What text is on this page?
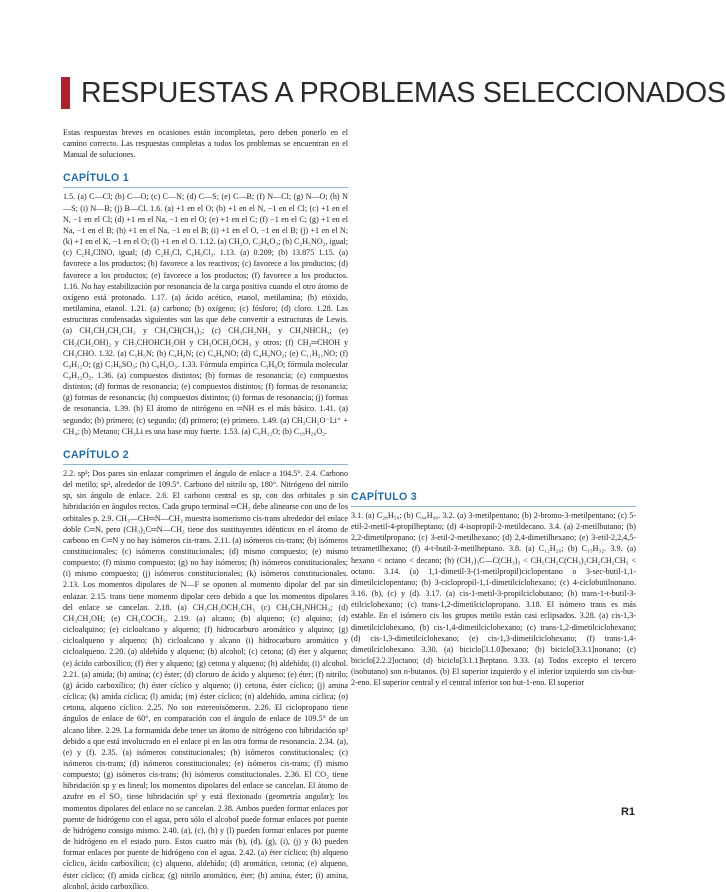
RESPUESTAS A PROBLEMAS SELECCIONADOS

Estas respuestas breves en ocasiones están incompletas, pero deben ponerlo en el camino correcto. Las respuestas completas a todos los problemas se encuentran en el Manual de soluciones.

CAPÍTULO 1

1.5. (a) C—Cl; (b) C—O; (c) C—N; (d) C—S; (e) C—B; (f) N—Cl; (g) N—O; (h) N—S; (i) N—B; (j) B—Cl. 1.6. (a) +1 en el O; (b) +1 en el N, −1 en el Cl; (c) +1 en el N, −1 en el Cl; (d) +1 en el Na, −1 en el O; (e) +1 en el C; (f) −1 en el C; (g) +1 en el Na, −1 en el B; (h) +1 en el Na, −1 en el B; (i) +1 en el O, −1 en el B; (j) +1 en el N; (k) +1 en el K, −1 en el O; (l) +1 en el O. 1.12. (a) CH₂O, C₃H₆O₃; (b) C₂H₅NO₂, igual; (c) C₂H₄ClNO, igual; (d) C₂H₃Cl, C₆H₉Cl₃. 1.13. (a) 0.209; (b) 13.875 1.15. (a) favorece a los productos; (b) favorece a los reactivos; (c) favorece a los productos; (d) favorece a los productos; (e) favorece a los productos; (f) favorece a los productos. 1.16. No hay estabilización por resonancia de la carga positiva cuando el otro átomo de oxígeno está protonado. 1.17. (a) ácido acético, etanol, metilamina; (b) etóxido, metilamina, etanol. 1.21. (a) carbono; (b) oxígeno; (c) fósforo; (d) cloro. 1.28. Las estructuras condensadas siguientes son las que debe convertir a estructuras de Lewis. (a) CH₃CH₂CH₂CH₃ y CH₃CH(CH₃)₂; (c) CH₃CH₂NH₂ y CH₃NHCH₃; (e) CH₂(CH₂OH)₂ y CH₃CHOHCH₂OH y CH₃OCH₂OCH₃ y otros; (f) CH₂═CHOH y CH₃CHO. 1.32. (a) C₅H₅N; (b) C₄H₉N; (c) C₄H₉NO; (d) C₄H₉NO₂; (e) C₁₁H₂₁NO; (f) C₉H₁₂O; (g) C₇H₈SO₃; (h) C₆H₆O₃. 1.33. Fórmula empírica C₃H₆O; fórmula molecular C₆H₁₂O₂. 1.36. (a) compuestos distintos; (b) formas de resonancia; (c) compuestos distintos; (d) formas de resonancia; (e) compuestos distintos; (f) formas de resonancia; (g) formas de resonancia; (h) compuestos distintos; (i) formas de resonancia; (j) formas de resonancia. 1.39. (b) El átomo de nitrógeno en ═NH es el más básico. 1.41. (a) segundo; (b) primero; (c) segundo; (d) primero; (e) primero. 1.49. (a) CH₃CH₂O⁻Li⁺ + CH₄; (b) Metano; CH₃Li es una base muy fuerte. 1.53. (a) C₉H₁₂O; (b) C₁₈H₂₆O₂.

CAPÍTULO 2

2.2. sp³; Dos pares sin enlazar comprimen el ángulo de enlace a 104.5°. 2.4. Carbono del metilo; sp³, alrededor de 109.5°. Carbono del nitrilo sp, 180°. Nitrógeno del nitrilo sp, sin ángulo de enlace. 2.6. El carbono central es sp, con dos orbitales p sin hibridación en ángulos rectos. Cada grupo terminal ═CH₂ debe alinearse con uno de los orbitales p. 2.9. CH₃—CH═N—CH₃ muestra isomerismo cis-trans alrededor del enlace doble C═N, pero (CH₃)₂C═N—CH₃ tiene dos sustituyentes idénticos en el átomo de carbono en C═N y no hay isómeros cis-trans. 2.11. (a) isómeros cis-trans; (b) isómeros constitucionales; (c) isómeros constitucionales; (d) mismo compuesto; (e) mismo compuesto; (f) mismo compuesto; (g) no hay isómeros; (h) isómeros constitucionales; (i) mismo compuesto; (j) isómeros constitucionales; (k) isómeros constitucionales. 2.13. Los momentos dipolares de N—F se oponen al momento dipolar del par sin enlazar. 2.15. trans tiene momento dipolar cero debido a que los momentos dipolares del enlace se cancelan. 2.18. (a) CH₃CH₂OCH₂CH₃ (c) CH₃CH₂NHCH₃; (d) CH₃CH₂OH; (e) CH₃COCH₃. 2.19. (a) alcano; (b) alqueno; (c) alquino; (d) cicloalquino; (e) cicloalcano y alqueno; (f) hidrocarburo aromático y alquino; (g) cicloalqueno y alqueno; (h) cicloalcano y alcano (i) hidrocarburo aromático y cicloalqueno. 2.20. (a) aldehído y alqueno; (b) alcohol; (c) cetona; (d) éter y alqueno; (e) ácido carboxílico; (f) éter y alqueno; (g) cetona y alqueno; (h) aldehído; (i) alcohol. 2.21. (a) amida; (b) amina; (c) éster; (d) cloruro de ácido y alqueno; (e) éter; (f) nitrilo; (g) ácido carboxílico; (h) éster cíclico y alqueno; (i) cetona, éster cíclico; (j) amina cíclica; (k) amida cíclica; (l) amida; (m) éster cíclico; (n) aldehído, amina cíclica; (o) cetona, alqueno cíclico. 2.25. No son estereoisómeros. 2.26. El ciclopropano tiene ángulos de enlace de 60°, en comparación con el ángulo de enlace de 109.5° de un alcano libre. 2.29. La formamida debe tener un átomo de nitrógeno con hibridación sp² debido a que está involucrado en el enlace pi en las otra forma de resonancia. 2.34. (a), (e) y (f). 2.35. (a) isómeros constitucionales; (b) isómeros constitucionales; (c) isómeros cis-trans; (d) isómeros constitucionales; (e) isómeros cis-trans; (f) mismo compuesto; (g) isómeros cis-trans; (h) isómeros constitucionales. 2.36. El CO₂ tiene hibridación sp y es lineal; los momentos dipolares del enlace se cancelan. El átomo de azufre en el SO₂ tiene hibridación sp² y está flexionado (geometría angular); los momentos dipolares del enlace no se cancelan. 2.38. Ambos pueden formar enlaces por puente de hidrógeno con el agua, pero sólo el alcohol puede formar enlaces por puente de hidrógeno consigo mismo. 2.40. (a), (c), (h) y (l) pueden formar enlaces por puente de hidrógeno en el estado puro. Estos cuatro más (b), (d), (g), (i), (j) y (k) pueden formar enlaces por puente de hidrógeno con el agua. 2.42. (a) éter cíclico; (b) alqueno cíclico, ácido carboxílico; (c) alqueno, aldehído; (d) aromático, cetona; (e) alqueno, éster cíclico; (f) amida cíclica; (g) nitrilo aromático, éter; (h) amina, éster; (i) amina, alcohol, ácido carboxílico.

CAPÍTULO 3

3.1. (a) C₂₈H₅₈; (b) C₄₄H₉₀. 3.2. (a) 3-metilpentano; (b) 2-bromo-3-metilpentano; (c) 5-etil-2-metil-4-propilheptano; (d) 4-isopropil-2-metildecano. 3.4. (a) 2-metilbutano; (b) 2,2-dimetilpropano; (c) 3-etil-2-metilhexano; (d) 2,4-dimetilhexano; (e) 3-etil-2,2,4,5-tetrametilhexano; (f) 4-t-butil-3-metilheptano. 3.8. (a) C₁₂H₂₆; (b) C₁₅H₃₂. 3.9. (a) hexano < octano < decano; (b) (CH₃)₃C—C(CH₃)₃ < CH₃CH₂C(CH₃)₂CH₂CH₂CH₃ < octano. 3.14. (a) 1,1-dimetil-3-(1-metilpropil)ciclopentano o 3-sec-butil-1,1-dimetilciclopentano; (b) 3-ciclopropil-1,1-dimetilciclohexano; (c) 4-ciclobutilnonano. 3.16. (b), (c) y (d). 3.17. (a) cis-1-metil-3-propilciclobutano; (b) trans-1-t-butil-3-etilciclohexano; (c) trans-1,2-dimetilciclopropano. 3.18. El isómero trans es más estable. En el isómero cis los grupos metilo están casi eclipsados. 3.28. (a) cis-1,3-dimetilciclohexano, (b) cis-1,4-dimetilciclohexano; (c) trans-1,2-dimetilciclohexano; (d) cis-1,3-dimetilciclohexano; (e) cis-1,3-dimetilciclohexano; (f) trans-1,4-dimetilciclohexano. 3.30. (a) biciclo[3.1.0]hexano; (b) biciclo[3.3.1]nonano; (c) biciclo[2.2.2]octano; (d) biciclo[3.1.1]heptano. 3.33. (a) Todos excepto el tercero (isobutano) son n-butanos. (b) El superior izquierdo y el inferior izquierdo son cis-but-2-eno. El superior central y el central inferior son but-1-eno. El superior

R1
